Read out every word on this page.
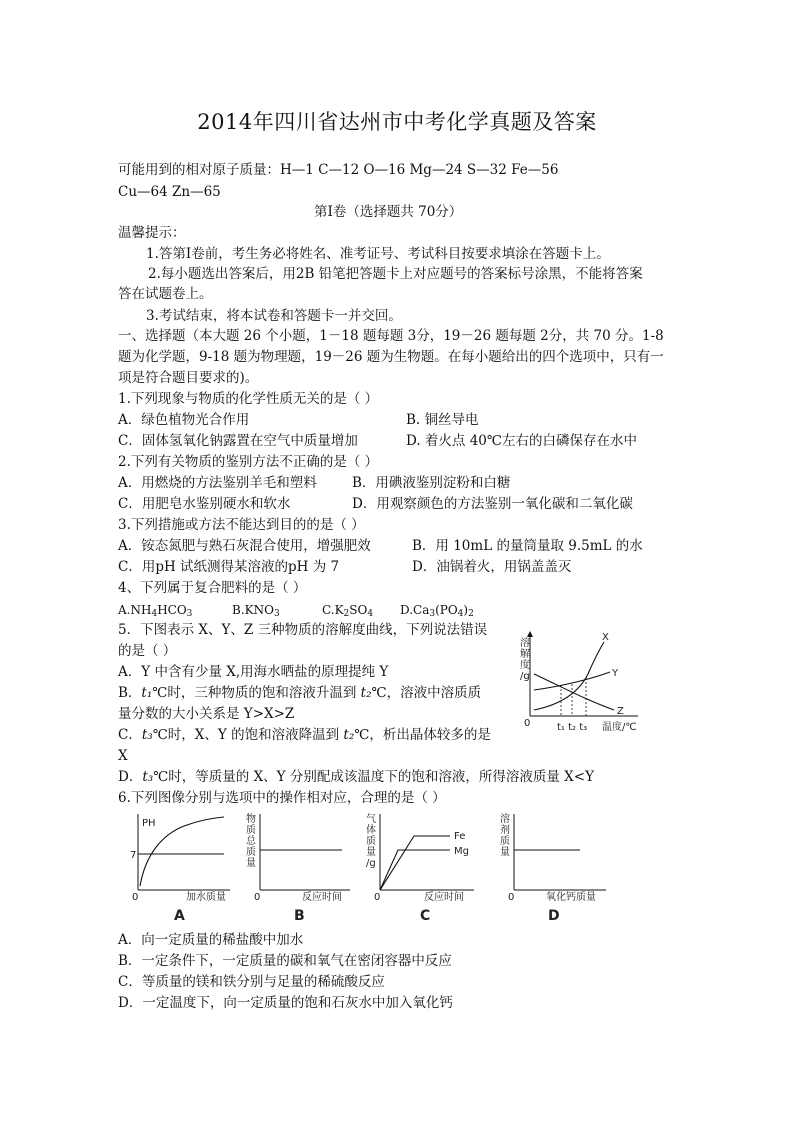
2014年四川省达州市中考化学真题及答案
可能用到的相对原子质量：H—1 C—12 O—16 Mg—24 S—32 Fe—56
Cu—64 Zn—65
第Ⅰ卷（选择题共 70分）
温馨提示：
1.答第Ⅰ卷前，考生务必将姓名、准考证号、考试科目按要求填涂在答题卡上。
2.每小题选出答案后，用2B 铅笔把答题卡上对应题号的答案标号涂黑，不能将答案
答在试题卷上。
3.考试结束，将本试卷和答题卡一并交回。
一、选择题（本大题 26 个小题，1－18 题每题 3分，19－26 题每题 2分，共 70 分。1-8
题为化学题，9-18 题为物理题，19－26 题为生物题。在每小题给出的四个选项中，只有一
项是符合题目要求的)。
1.下列现象与物质的化学性质无关的是（ ）
A．绿色植物光合作用	B. 铜丝导电
C．固体氢氧化钠露置在空气中质量增加	D. 着火点 40℃左右的白磷保存在水中
2.下列有关物质的鉴别方法不正确的是（ ）
A．用燃烧的方法鉴别羊毛和塑料	B．用碘液鉴别淀粉和白糖
C．用肥皂水鉴别硬水和软水	D．用观察颜色的方法鉴别一氧化碳和二氧化碳
3.下列措施或方法不能达到目的的是（ ）
A．铵态氮肥与熟石灰混合使用，增强肥效	B．用 10mL 的量筒量取 9.5mL 的水
C．用pH 试纸测得某溶液的pH 为 7	D．油锅着火，用锅盖盖灭
4、下列属于复合肥料的是（ ）
$A.NH_4HCO_3$	$B.KNO_3$	$C.K_2SO_4$ $D.Ca_3(PO_4)_2$
5．下图表示 X、Y、Z 三种物质的溶解度曲线，下列说法错误
的是（ ）
A．Y 中含有少量 X,用海水晒盐的原理提纯 Y
B．t₁℃时，三种物质的饱和溶液升温到 t₂℃，溶液中溶质质
量分数的大小关系是 Y>X>Z
C．t₃℃时，X、Y 的饱和溶液降温到 t₂℃，析出晶体较多的是
X
D．t₃℃时，等质量的 X、Y 分别配成该温度下的饱和溶液，所得溶液质量 X<Y
溶
解
度
/g
0
X
Y
Z
t₁ t₂ t₃ 温度/℃
6.下列图像分别与选项中的操作相对应，合理的是（ ）
PH
7
0	加水质量
A
物
质
总
质
量
0	反应时间
B
气
体
质
量
/g
Fe
Mg
0	反应时间
C
溶
剂
质
量
0	氧化钙质量
D
A．向一定质量的稀盐酸中加水
B．一定条件下，一定质量的碳和氧气在密闭容器中反应
C．等质量的镁和铁分别与足量的稀硫酸反应
D．一定温度下，向一定质量的饱和石灰水中加入氧化钙
